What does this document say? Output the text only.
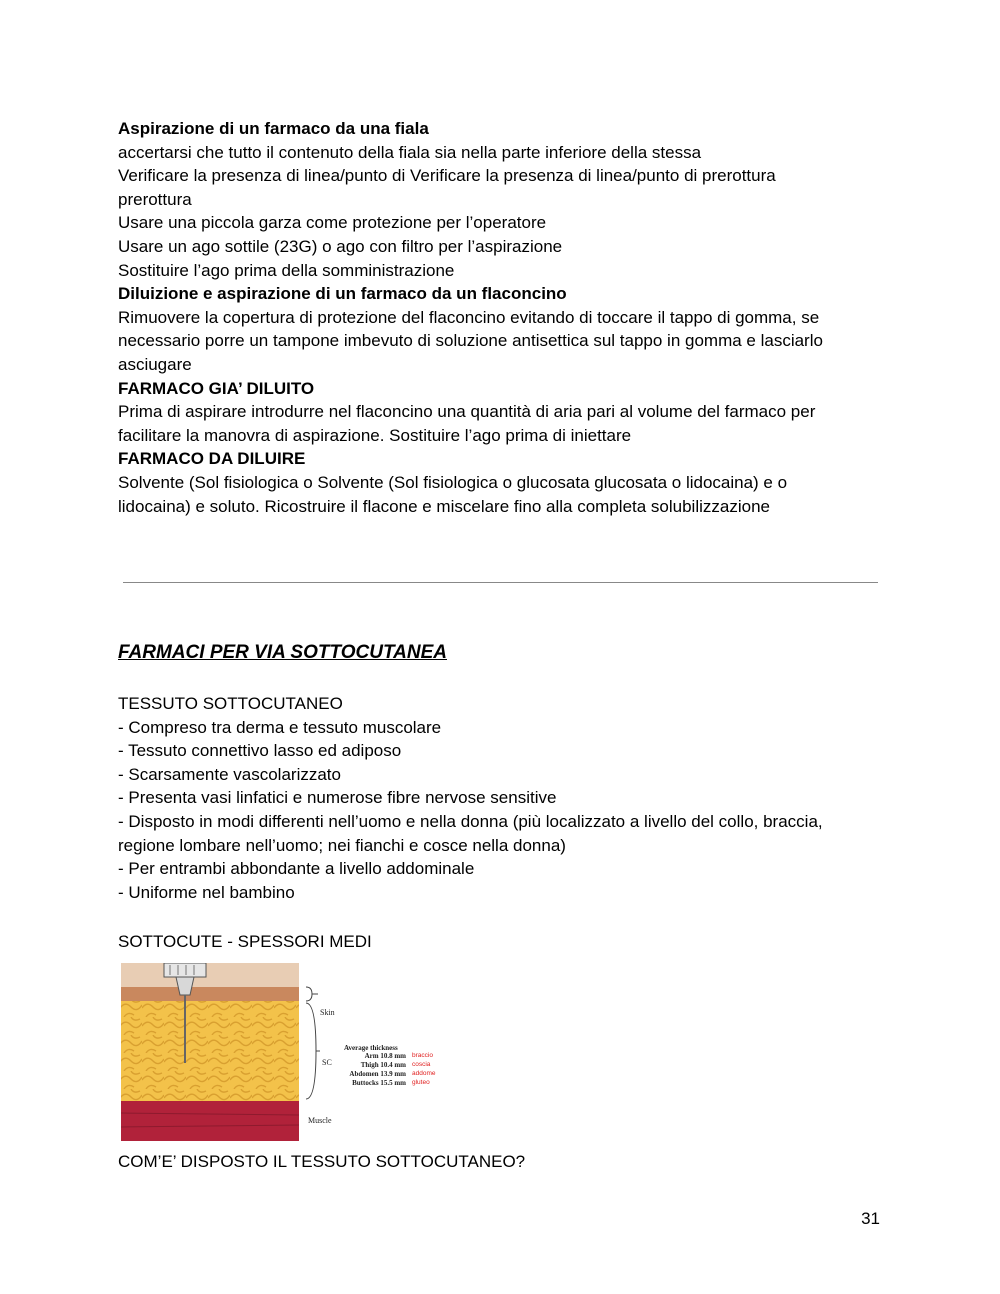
Aspirazione di un farmaco da una fiala
accertarsi che tutto il contenuto della fiala sia nella parte inferiore della stessa
Verificare la presenza di linea/punto di Verificare la presenza di linea/punto di prerottura
prerottura
Usare una piccola garza come protezione per l’operatore
Usare un ago sottile (23G) o ago con filtro per l’aspirazione
Sostituire l’ago prima della somministrazione
Diluizione e aspirazione di un farmaco da un flaconcino
Rimuovere la copertura di protezione del flaconcino evitando di toccare il tappo di gomma, se
necessario porre un tampone imbevuto di soluzione antisettica sul tappo in gomma e lasciarlo
asciugare
FARMACO GIA’ DILUITO
Prima di aspirare introdurre nel flaconcino una quantità di aria pari al volume del farmaco per
facilitare la manovra di aspirazione. Sostituire l’ago prima di iniettare
FARMACO DA DILUIRE
Solvente (Sol fisiologica o Solvente (Sol fisiologica o glucosata glucosata o lidocaina) e o
lidocaina) e soluto. Ricostruire il flacone e miscelare fino alla completa solubilizzazione
FARMACI PER VIA SOTTOCUTANEA
TESSUTO SOTTOCUTANEO
- Compreso tra derma e tessuto muscolare
- Tessuto connettivo lasso ed adiposo
- Scarsamente vascolarizzato
- Presenta vasi linfatici e numerose fibre nervose sensitive
- Disposto in modi differenti nell’uomo e nella donna (più localizzato a livello del collo, braccia,
regione lombare nell’uomo; nei fianchi e cosce nella donna)
- Per entrambi abbondante a livello addominale
- Uniforme nel bambino
SOTTOCUTE - SPESSORI MEDI
Skin
SC
Muscle
Average thickness
Arm 10.8 mm
Thigh 10.4 mm
Abdomen 13.9 mm
Buttocks 15.5 mm
braccio
coscia
addome
gluteo
COM’E’ DISPOSTO IL TESSUTO SOTTOCUTANEO?
31
